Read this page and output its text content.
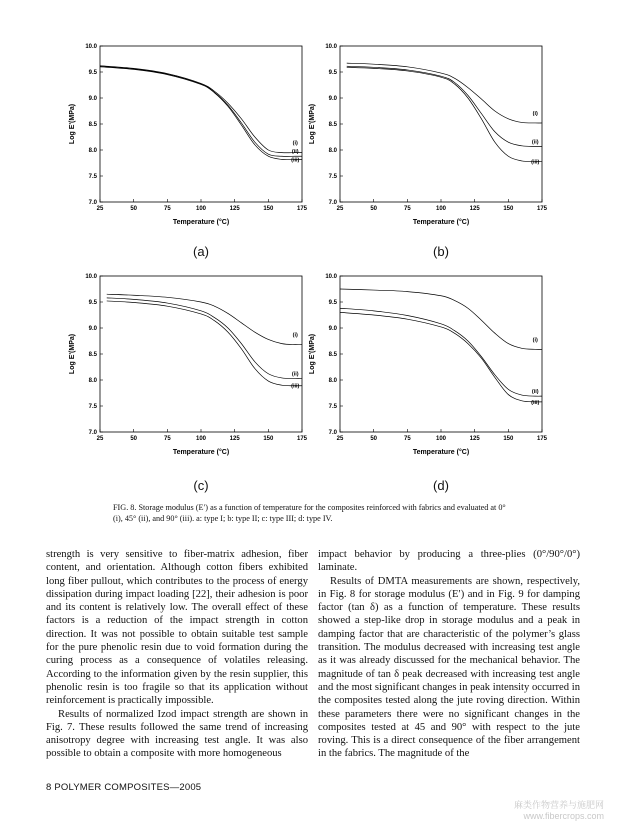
25	50	75	100	125	150	175
7.0
7.5
8.0
8.5
9.0
9.5
10.0
Temperature (°C)
Log E'(MPa)	(i)
(ii)
(iii)
(a)
25	50	75	100	125	150	175
7.0
7.5
8.0
8.5
9.0
9.5
10.0
Temperature (°C)
Log E'(MPa)	(i)
(ii)
(iii)
(b)
25	50	75	100	125	150	175
7.0
7.5
8.0
8.5
9.0
9.5
10.0
Temperature (°C)
Log E'(MPa)	(i)
(ii)
(iii)
(c)
25	50	75	100	125	150	175
7.0
7.5
8.0
8.5
9.0
9.5
10.0
Temperature (°C)
Log E'(MPa)	(i)
(ii)
(iii)
(d)
FIG. 8. Storage modulus (E′) as a function of temperature for the composites reinforced with fabrics and evaluated at 0° (i), 45° (ii), and 90° (iii). a: type I; b: type II; c: type III; d: type IV.

strength is very sensitive to fiber-matrix adhesion, fiber content, and orientation. Although cotton fibers exhibited long fiber pullout, which contributes to the process of energy dissipation during impact loading [22], their adhesion is poor and its content is relatively low. The overall effect of these factors is a reduction of the impact strength in cotton direction. It was not possible to obtain suitable test sample for the pure phenolic resin due to void formation during the curing process as a consequence of volatiles releasing. According to the information given by the resin supplier, this phenolic resin is too fragile so that its application without reinforcement is practically impossible.

Results of normalized Izod impact strength are shown in Fig. 7. These results followed the same trend of increasing anisotropy degree with increasing test angle. It was also possible to obtain a composite with more homogeneous

impact behavior by producing a three-plies (0°/90°/0°) laminate.

Results of DMTA measurements are shown, respectively, in Fig. 8 for storage modulus (E′) and in Fig. 9 for damping factor (tan δ) as a function of temperature. These results showed a step-like drop in storage modulus and a peak in damping factor that are characteristic of the polymer’s glass transition. The modulus decreased with increasing test angle as it was already discussed for the mechanical behavior. The magnitude of tan δ peak decreased with increasing test angle and the most significant changes in peak intensity occurred in the composites tested along the jute roving direction. Within these parameters there were no significant changes in the composites tested at 45 and 90° with respect to the jute roving. This is a direct consequence of the fiber arrangement in the fabrics. The magnitude of the

8 POLYMER COMPOSITES—2005
麻类作物营养与施肥网
www.fibercrops.com
